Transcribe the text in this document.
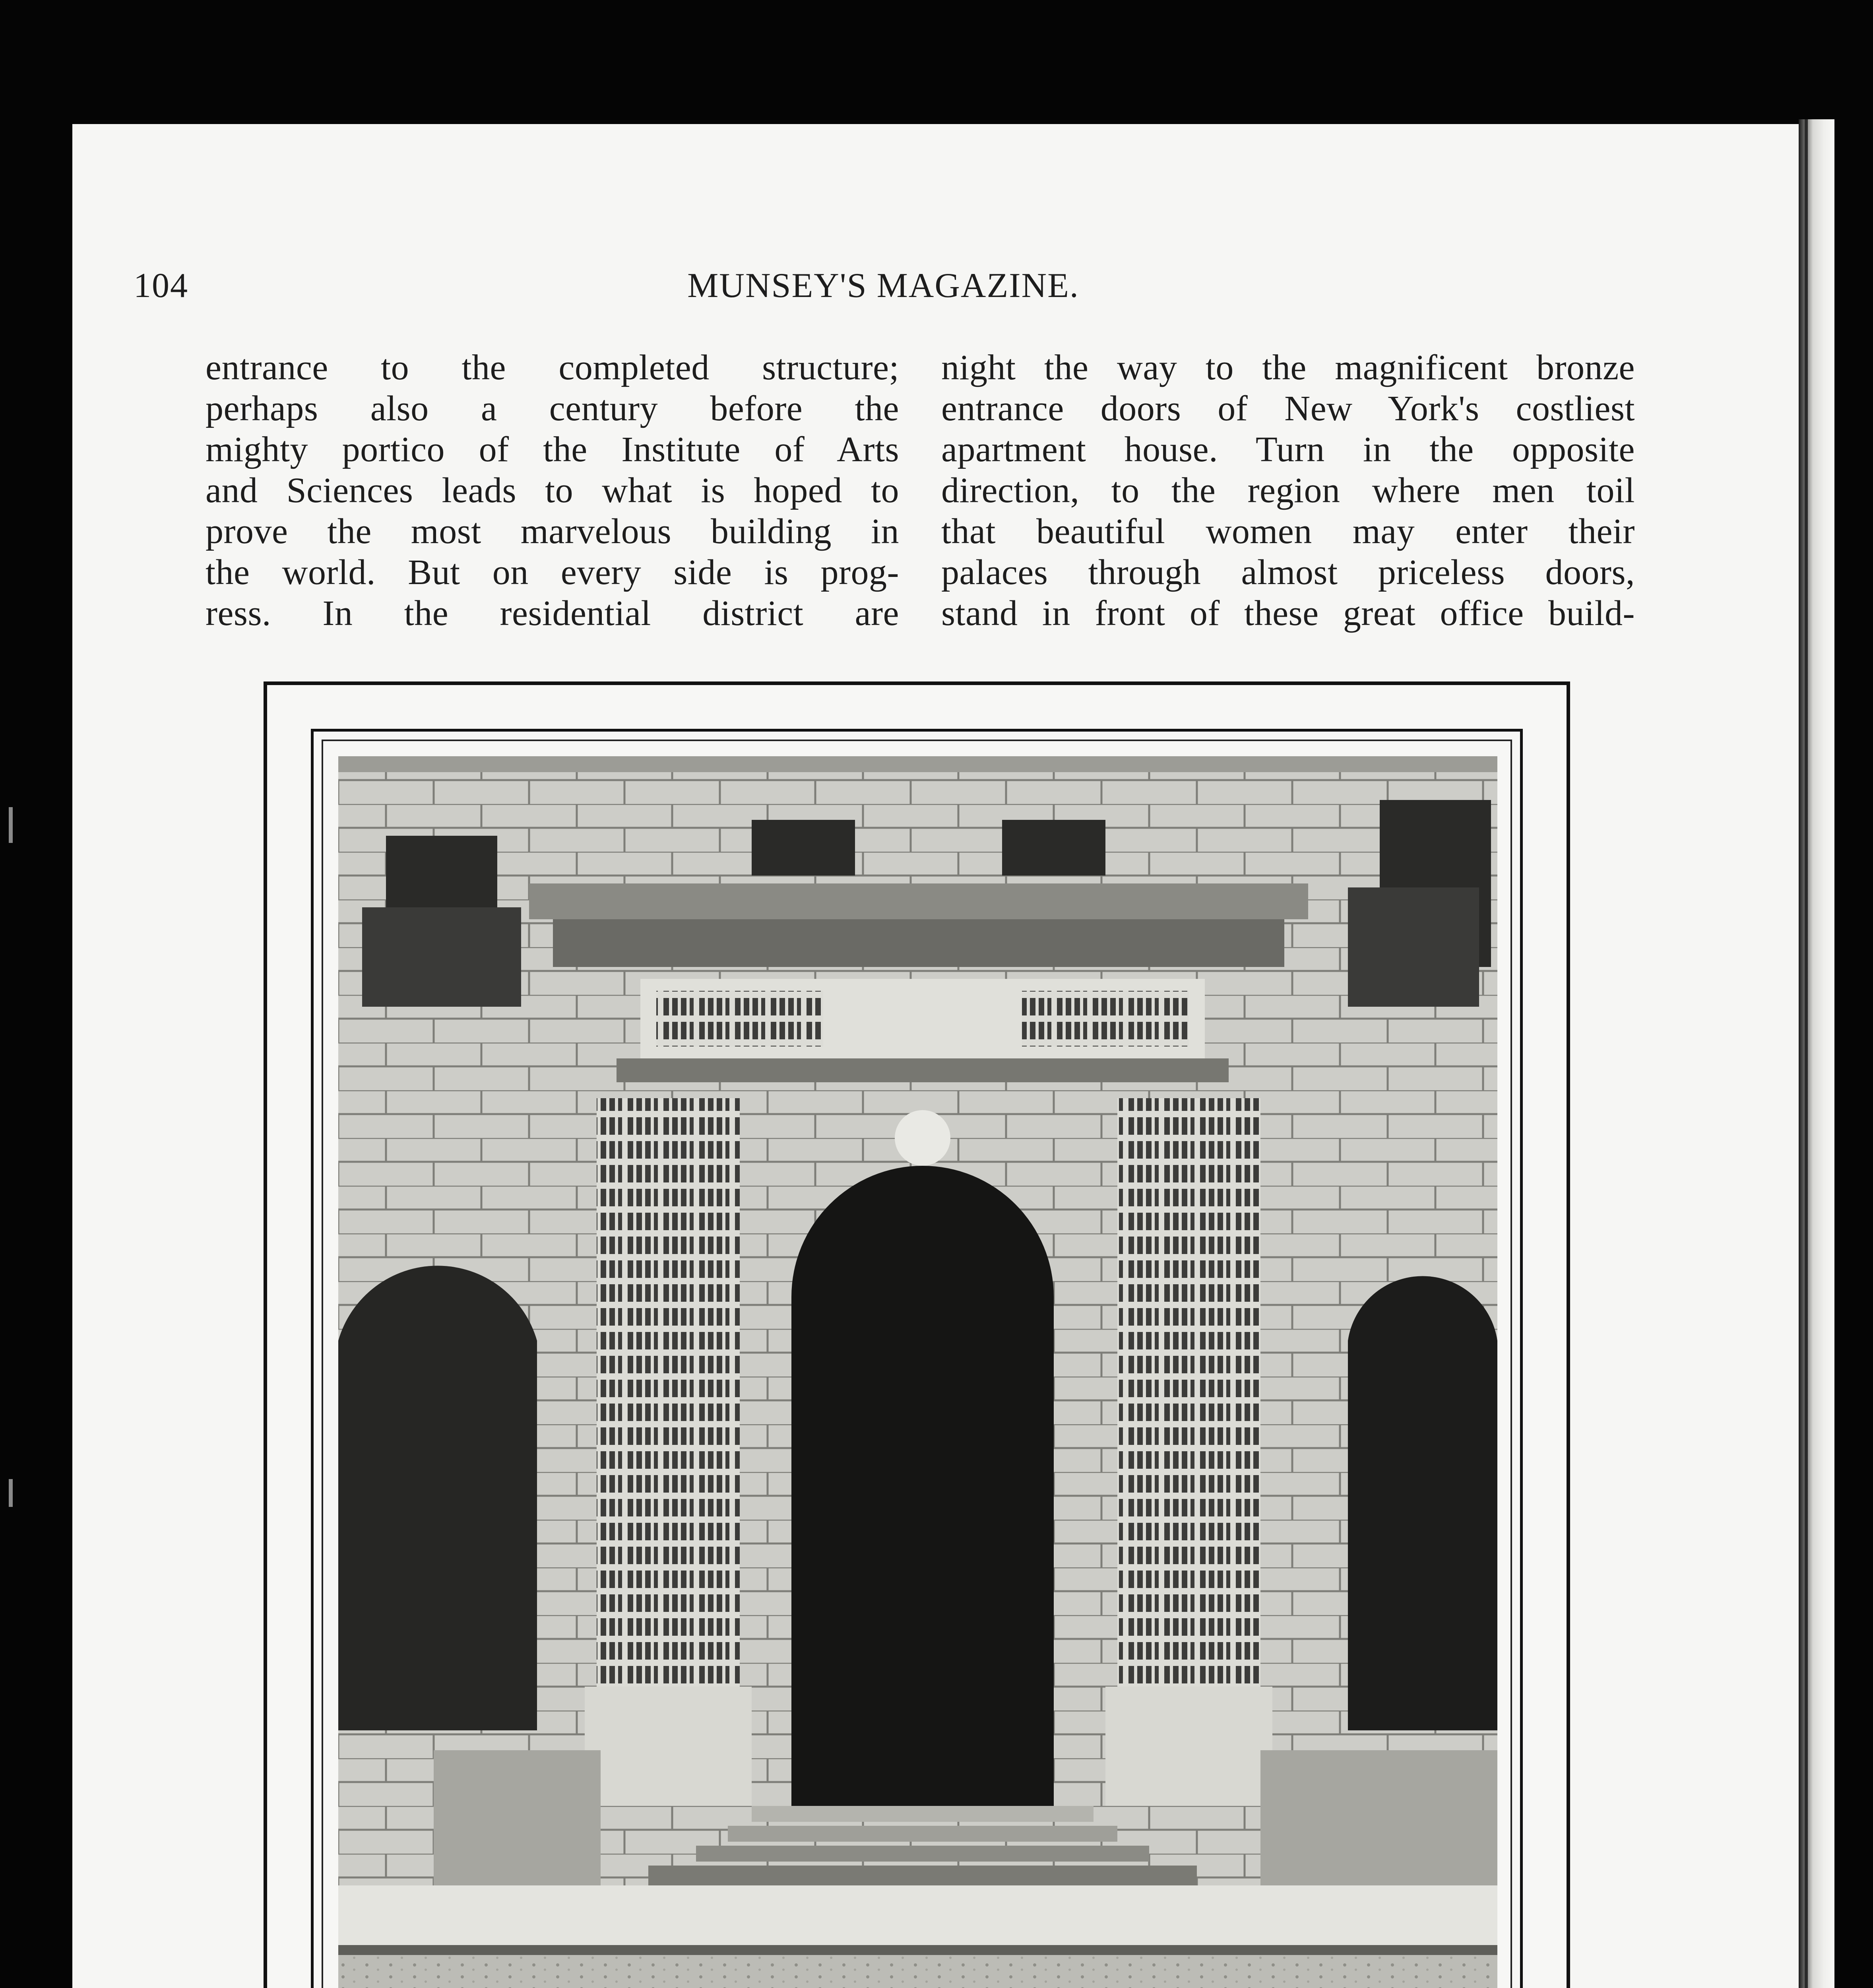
104	MUNSEY'S MAGAZINE.
entrance to the completed structure;
perhaps also a century before the
mighty portico of the Institute of Arts
and Sciences leads to what is hoped to
prove the most marvelous building in
the world. But on every side is prog-
ress. In the residential district are
night the way to the magnificent bronze
entrance doors of New York's costliest
apartment house. Turn in the opposite
direction, to the region where men toil
that beautiful women may enter their
palaces through almost priceless doors,
stand in front of these great office build-
